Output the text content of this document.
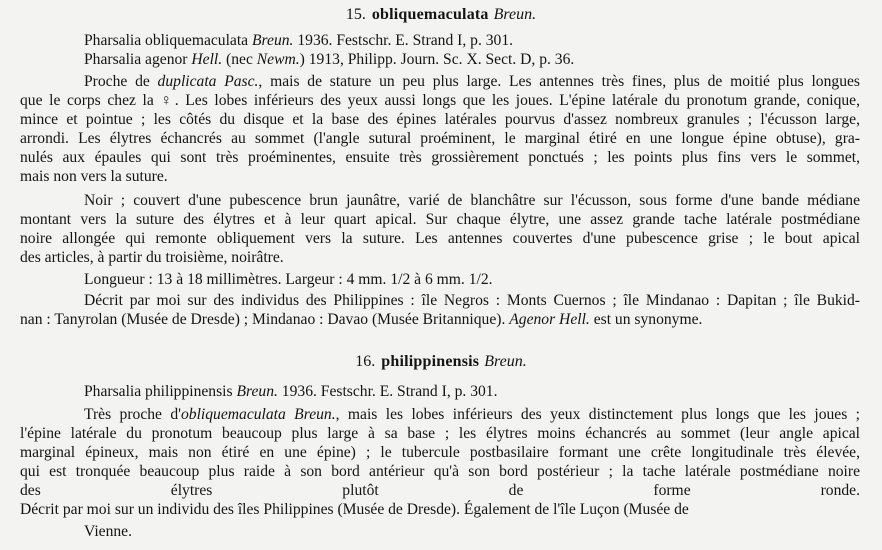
15. obliquemaculata Breun.
Pharsalia obliquemaculata Breun. 1936. Festschr. E. Strand I, p. 301.
Pharsalia agenor Hell. (nec Newm.) 1913, Philipp. Journ. Sc. X. Sect. D, p. 36.
Proche de duplicata Pasc., mais de stature un peu plus large. Les antennes très fines, plus de moitié plus longues
que le corps chez la ♀. Les lobes inférieurs des yeux aussi longs que les joues. L'épine latérale du pronotum grande, conique,
mince et pointue ; les côtés du disque et la base des épines latérales pourvus d'assez nombreux granules ; l'écusson large,
arrondi. Les élytres échancrés au sommet (l'angle sutural proéminent, le marginal étiré en une longue épine obtuse), gra-
nulés aux épaules qui sont très proéminentes, ensuite très grossièrement ponctués ; les points plus fins vers le sommet,
mais non vers la suture.
Noir ; couvert d'une pubescence brun jaunâtre, varié de blanchâtre sur l'écusson, sous forme d'une bande médiane
montant vers la suture des élytres et à leur quart apical. Sur chaque élytre, une assez grande tache latérale postmédiane
noire allongée qui remonte obliquement vers la suture. Les antennes couvertes d'une pubescence grise ; le bout apical
des articles, à partir du troisième, noirâtre.
Longueur : 13 à 18 millimètres. Largeur : 4 mm. 1/2 à 6 mm. 1/2.
Décrit par moi sur des individus des Philippines : île Negros : Monts Cuernos ; île Mindanao : Dapitan ; île Bukid-
nan : Tanyrolan (Musée de Dresde) ; Mindanao : Davao (Musée Britannique). Agenor Hell. est un synonyme.
16. philippinensis Breun.
Pharsalia philippinensis Breun. 1936. Festschr. E. Strand I, p. 301.
Très proche d'obliquemaculata Breun., mais les lobes inférieurs des yeux distinctement plus longs que les joues ;
l'épine latérale du pronotum beaucoup plus large à sa base ; les élytres moins échancrés au sommet (leur angle apical
marginal épineux, mais non étiré en une épine) ; le tubercule postbasilaire formant une crête longitudinale très élevée,
qui est tronquée beaucoup plus raide à son bord antérieur qu'à son bord postérieur ; la tache latérale postmédiane noire
des élytres plutôt de forme ronde.
Décrit par moi sur un individu des îles Philippines (Musée de Dresde). Également de l'île Luçon (Musée de
Vienne.
